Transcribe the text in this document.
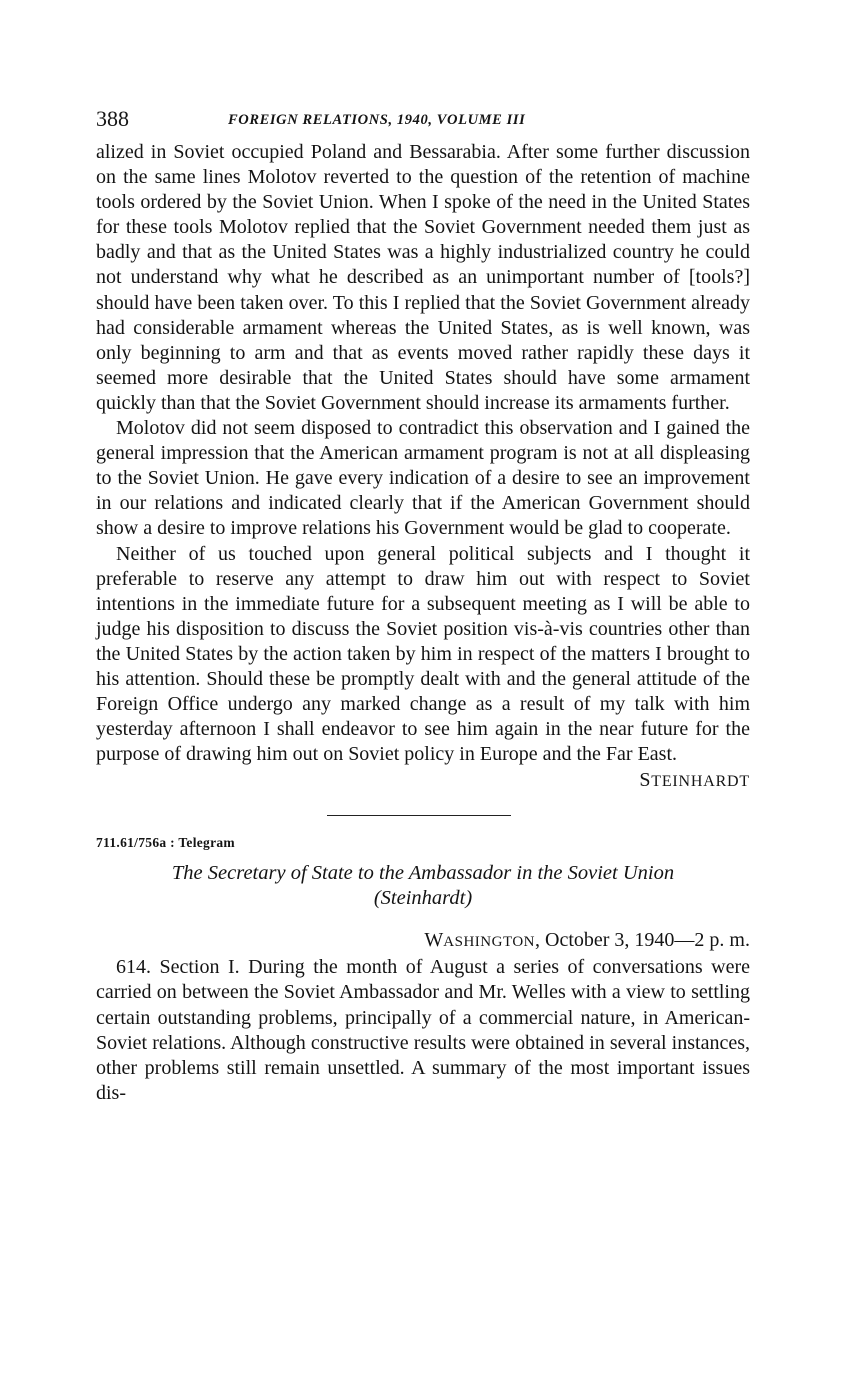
388	FOREIGN RELATIONS, 1940, VOLUME III

alized in Soviet occupied Poland and Bessarabia. After some further discussion on the same lines Molotov reverted to the question of the retention of machine tools ordered by the Soviet Union. When I spoke of the need in the United States for these tools Molotov replied that the Soviet Government needed them just as badly and that as the United States was a highly industrialized country he could not understand why what he described as an unimportant number of [tools?] should have been taken over. To this I replied that the Soviet Government already had considerable armament whereas the United States, as is well known, was only beginning to arm and that as events moved rather rapidly these days it seemed more desirable that the United States should have some armament quickly than that the Soviet Government should increase its armaments further.

Molotov did not seem disposed to contradict this observation and I gained the general impression that the American armament program is not at all displeasing to the Soviet Union. He gave every indication of a desire to see an improvement in our relations and indicated clearly that if the American Government should show a desire to improve relations his Government would be glad to cooperate.

Neither of us touched upon general political subjects and I thought it preferable to reserve any attempt to draw him out with respect to Soviet intentions in the immediate future for a subsequent meeting as I will be able to judge his disposition to discuss the Soviet position vis-à-vis countries other than the United States by the action taken by him in respect of the matters I brought to his attention. Should these be promptly dealt with and the general attitude of the Foreign Office undergo any marked change as a result of my talk with him yesterday afternoon I shall endeavor to see him again in the near future for the purpose of drawing him out on Soviet policy in Europe and the Far East.

STEINHARDT
711.61/756a : Telegram
The Secretary of State to the Ambassador in the Soviet Union
(Steinhardt)
WASHINGTON, October 3, 1940—2 p. m.

614. Section I. During the month of August a series of conversations were carried on between the Soviet Ambassador and Mr. Welles with a view to settling certain outstanding problems, principally of a commercial nature, in American-Soviet relations. Although constructive results were obtained in several instances, other problems still remain unsettled. A summary of the most important issues dis-
